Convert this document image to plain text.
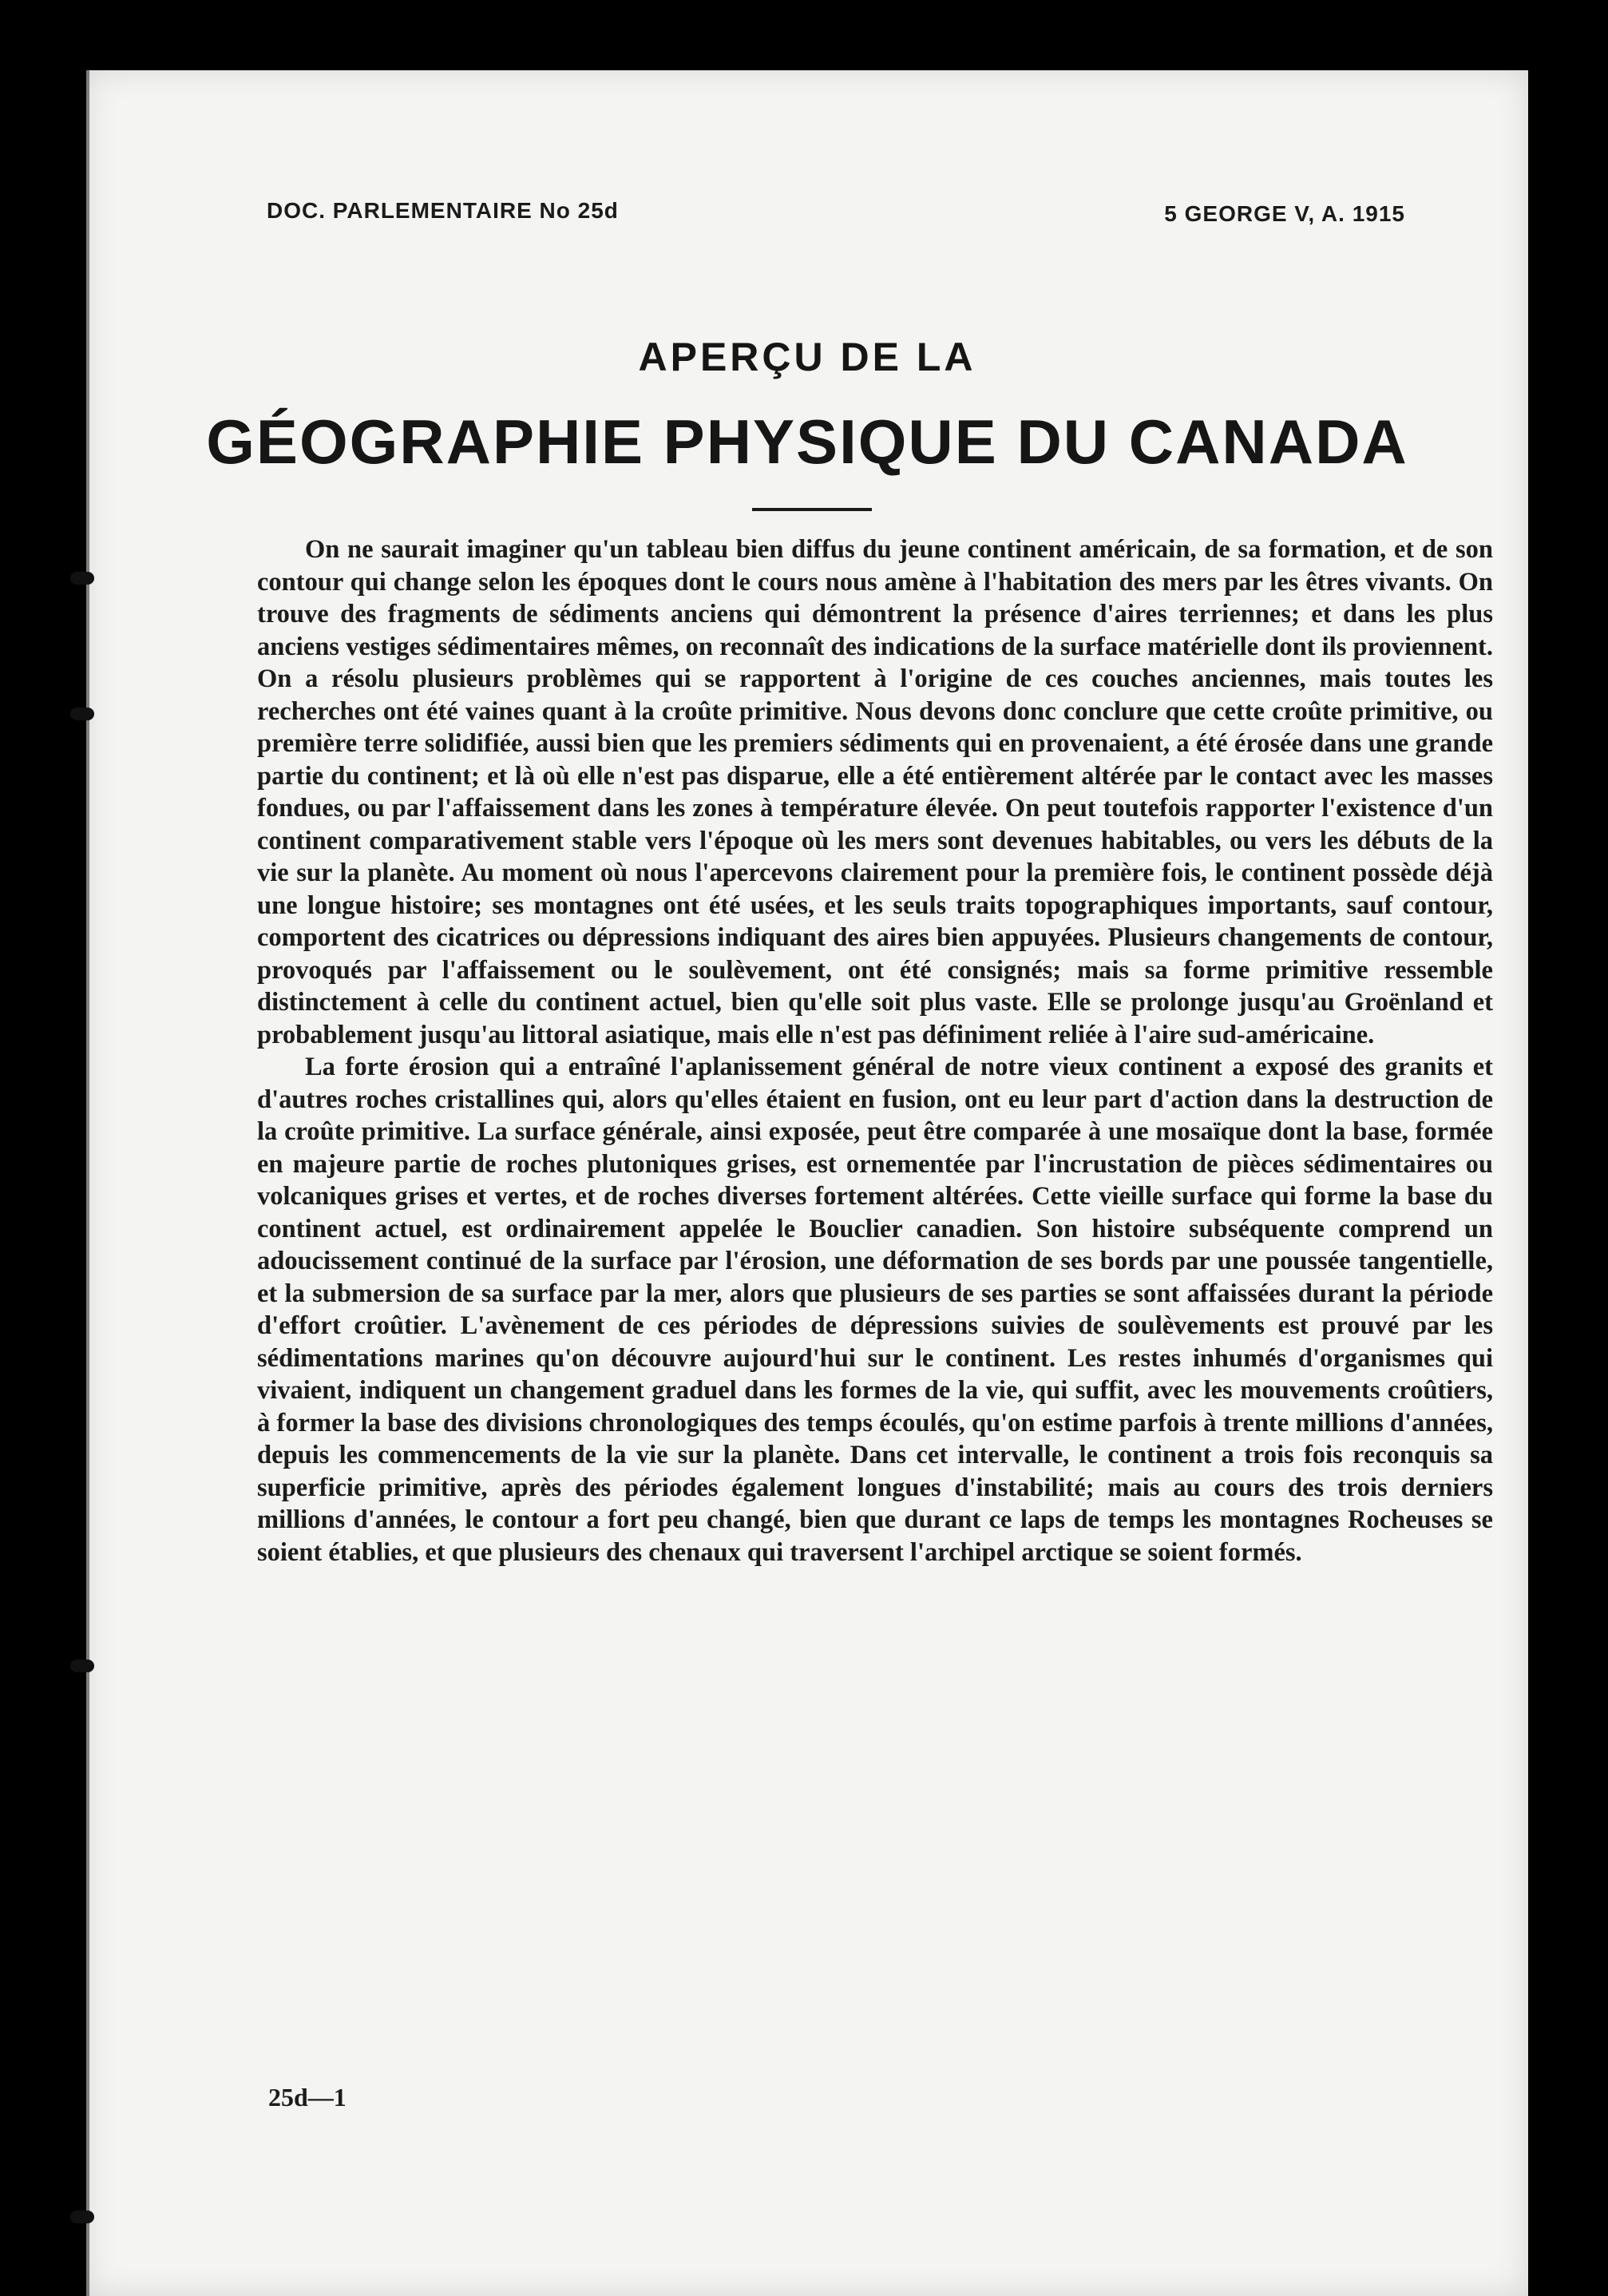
DOC. PARLEMENTAIRE No 25d	5 GEORGE V, A. 1915
APERÇU DE LA
GÉOGRAPHIE PHYSIQUE DU CANADA

On ne saurait imaginer qu'un tableau bien diffus du jeune continent américain, de sa formation, et de son contour qui change selon les époques dont le cours nous amène à l'habitation des mers par les êtres vivants. On trouve des fragments de sédiments anciens qui démontrent la présence d'aires terriennes; et dans les plus anciens vestiges sédimentaires mêmes, on reconnaît des indications de la surface matérielle dont ils proviennent. On a résolu plusieurs problèmes qui se rapportent à l'origine de ces couches anciennes, mais toutes les recherches ont été vaines quant à la croûte primitive. Nous devons donc conclure que cette croûte primitive, ou première terre solidifiée, aussi bien que les premiers sédiments qui en provenaient, a été érosée dans une grande partie du continent; et là où elle n'est pas disparue, elle a été entièrement altérée par le contact avec les masses fondues, ou par l'affaissement dans les zones à température élevée. On peut toutefois rapporter l'existence d'un continent comparativement stable vers l'époque où les mers sont devenues habitables, ou vers les débuts de la vie sur la planète. Au moment où nous l'apercevons clairement pour la première fois, le continent possède déjà une longue histoire; ses montagnes ont été usées, et les seuls traits topographiques importants, sauf contour, comportent des cicatrices ou dépressions indiquant des aires bien appuyées. Plusieurs changements de contour, provoqués par l'affaissement ou le soulèvement, ont été consignés; mais sa forme primitive ressemble distinctement à celle du continent actuel, bien qu'elle soit plus vaste. Elle se prolonge jusqu'au Groënland et probablement jusqu'au littoral asiatique, mais elle n'est pas définiment reliée à l'aire sud-américaine.

La forte érosion qui a entraîné l'aplanissement général de notre vieux continent a exposé des granits et d'autres roches cristallines qui, alors qu'elles étaient en fusion, ont eu leur part d'action dans la destruction de la croûte primitive. La surface générale, ainsi exposée, peut être comparée à une mosaïque dont la base, formée en majeure partie de roches plutoniques grises, est ornementée par l'incrustation de pièces sédimentaires ou volcaniques grises et vertes, et de roches diverses fortement altérées. Cette vieille surface qui forme la base du continent actuel, est ordinairement appelée le Bouclier canadien. Son histoire subséquente comprend un adoucissement continué de la surface par l'érosion, une déformation de ses bords par une poussée tangentielle, et la submersion de sa surface par la mer, alors que plusieurs de ses parties se sont affaissées durant la période d'effort croûtier. L'avènement de ces périodes de dépressions suivies de soulèvements est prouvé par les sédimentations marines qu'on découvre aujourd'hui sur le continent. Les restes inhumés d'organismes qui vivaient, indiquent un changement graduel dans les formes de la vie, qui suffit, avec les mouvements croûtiers, à former la base des divisions chronologiques des temps écoulés, qu'on estime parfois à trente millions d'années, depuis les commencements de la vie sur la planète. Dans cet intervalle, le continent a trois fois reconquis sa superficie primitive, après des périodes également longues d'instabilité; mais au cours des trois derniers millions d'années, le contour a fort peu changé, bien que durant ce laps de temps les montagnes Rocheuses se soient établies, et que plusieurs des chenaux qui traversent l'archipel arctique se soient formés.

25d—1
